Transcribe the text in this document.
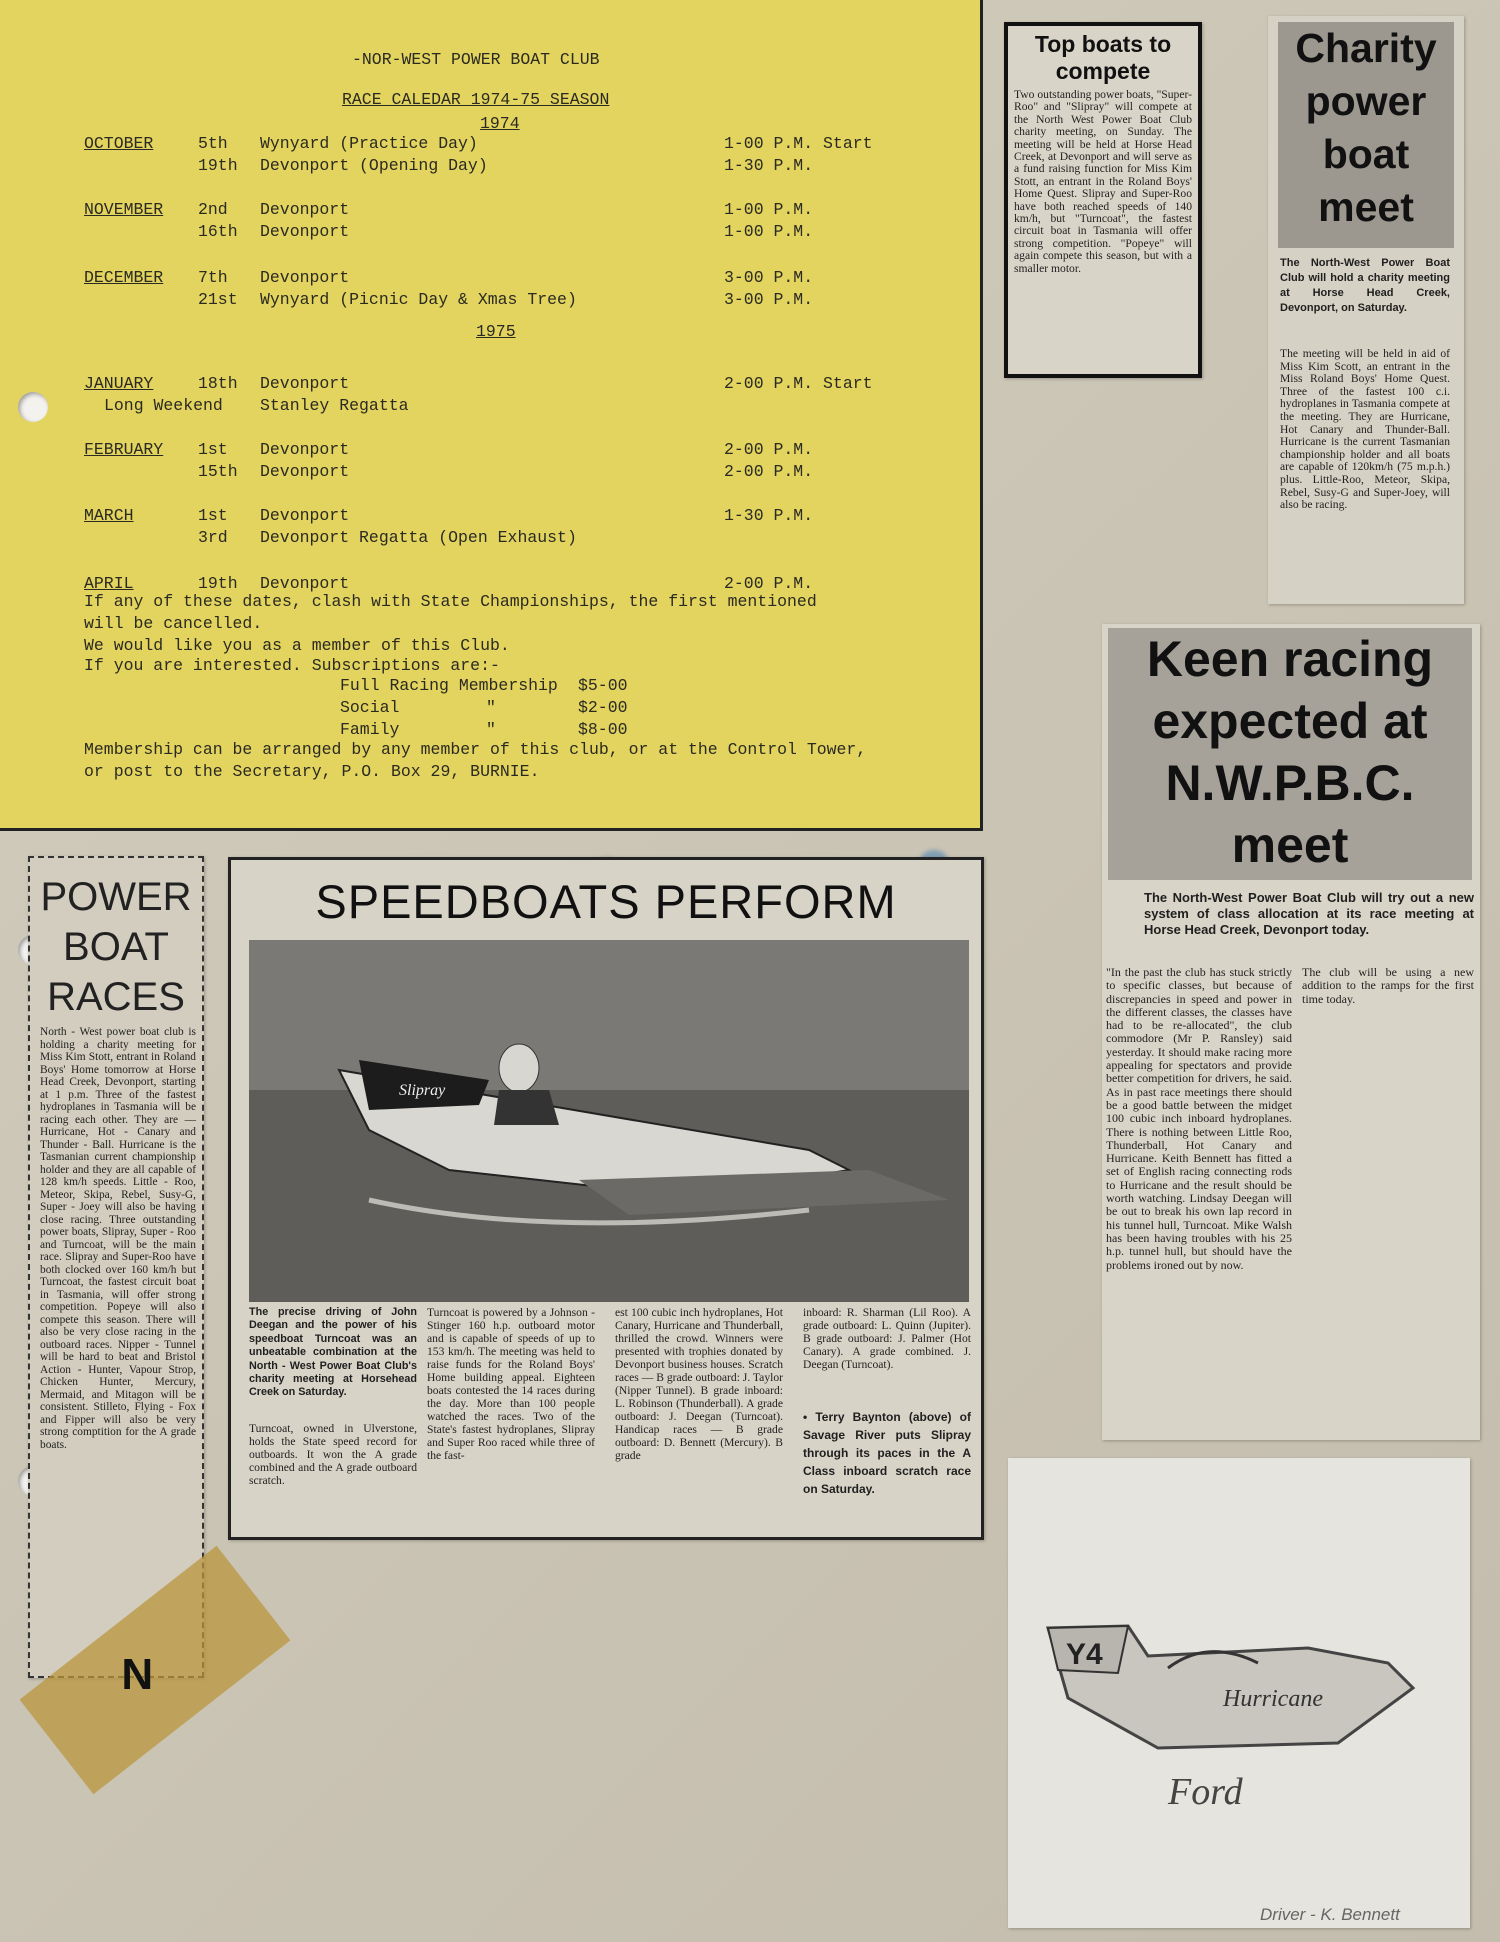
-NOR-WEST POWER BOAT CLUB
RACE CALEDAR 1974-75 SEASON
1974
1975
OCTOBER	5th Wynyard (Practice Day)	1-00 P.M. Start
19th Devonport (Opening Day)	1-30 P.M.
NOVEMBER 2nd Devonport	1-00 P.M.
16th Devonport	1-00 P.M.
DECEMBER 7th Devonport	3-00 P.M.
21st Wynyard (Picnic Day & Xmas Tree)	3-00 P.M.
JANUARY	18th Devonport	2-00 P.M. Start
Long Weekend Stanley Regatta
FEBRUARY 1st Devonport	2-00 P.M.
15th Devonport	2-00 P.M.
MARCH	1st Devonport	1-30 P.M.
3rd Devonport Regatta (Open Exhaust)
APRIL	19th Devonport	2-00 P.M.
If any of these dates, clash with State Championships, the first mentioned
will be cancelled.
We would like you as a member of this Club.
If you are interested. Subscriptions are:-
Full Racing Membership $5-00
Social	"	$2-00
Family	"	$8-00
Membership can be arranged by any member of this club, or at the Control Tower,
or post to the Secretary, P.O. Box 29, BURNIE.
Top boats to compete

Two outstanding power boats, "Super-Roo" and "Slipray" will compete at the North West Power Boat Club charity meeting, on Sunday. The meeting will be held at Horse Head Creek, at Devonport and will serve as a fund raising function for Miss Kim Stott, an entrant in the Roland Boys' Home Quest. Slipray and Super-Roo have both reached speeds of 140 km/h, but "Turncoat", the fastest circuit boat in Tasmania will offer strong competition. "Popeye" will again compete this season, but with a smaller motor.

Charity power boat meet

The North-West Power Boat Club will hold a charity meeting at Horse Head Creek, Devonport, on Saturday.

The meeting will be held in aid of Miss Kim Scott, an entrant in the Miss Roland Boys' Home Quest. Three of the fastest 100 c.i. hydroplanes in Tasmania compete at the meeting. They are Hurricane, Hot Canary and Thunder-Ball. Hurricane is the current Tasmanian championship holder and all boats are capable of 120km/h (75 m.p.h.) plus. Little-Roo, Meteor, Skipa, Rebel, Susy-G and Super-Joey, will also be racing.

Keen racing expected at N.W.P.B.C. meet

The North-West Power Boat Club will try out a new system of class allocation at its race meeting at Horse Head Creek, Devonport today.

"In the past the club has stuck strictly to specific classes, but because of discrepancies in speed and power in the different classes, the classes have had to be re-allocated", the club commodore (Mr P. Ransley) said yesterday. It should make racing more appealing for spectators and provide better competition for drivers, he said. As in past race meetings there should be a good battle between the midget 100 cubic inch inboard hydroplanes. There is nothing between Little Roo, Thunderball, Hot Canary and Hurricane. Keith Bennett has fitted a set of English racing connecting rods to Hurricane and the result should be worth watching. Lindsay Deegan will be out to break his own lap record in his tunnel hull, Turncoat. Mike Walsh has been having troubles with his 25 h.p. tunnel hull, but should have the problems ironed out by now.

The club will be using a new addition to the ramps for the first time today.

POWER BOAT RACES

North - West power boat club is holding a charity meeting for Miss Kim Stott, entrant in Roland Boys' Home tomorrow at Horse Head Creek, Devonport, starting at 1 p.m. Three of the fastest hydroplanes in Tasmania will be racing each other. They are — Hurricane, Hot - Canary and Thunder - Ball. Hurricane is the Tasmanian current championship holder and they are all capable of 128 km/h speeds. Little - Roo, Meteor, Skipa, Rebel, Susy-G, Super - Joey will also be having close racing. Three outstanding power boats, Slipray, Super - Roo and Turncoat, will be the main race. Slipray and Super-Roo have both clocked over 160 km/h but Turncoat, the fastest circuit boat in Tasmania, will offer strong competition. Popeye will also compete this season. There will also be very close racing in the outboard races. Nipper - Tunnel will be hard to beat and Bristol Action - Hunter, Vapour Strop, Chicken Hunter, Mercury, Mermaid, and Mitagon will be consistent. Stilleto, Flying - Fox and Fipper will also be very strong comptition for the A grade boats.

SPEEDBOATS PERFORM
Slipray

The precise driving of John Deegan and the power of his speedboat Turncoat was an unbeatable combination at the North - West Power Boat Club's charity meeting at Horsehead Creek on Saturday.

Turncoat, owned in Ulverstone, holds the State speed record for outboards. It won the A grade combined and the A grade outboard scratch.

Turncoat is powered by a Johnson - Stinger 160 h.p. outboard motor and is capable of speeds of up to 153 km/h. The meeting was held to raise funds for the Roland Boys' Home building appeal. Eighteen boats contested the 14 races during the day. More than 100 people watched the races. Two of the State's fastest hydroplanes, Slipray and Super Roo raced while three of the fast-

est 100 cubic inch hydroplanes, Hot Canary, Hurricane and Thunderball, thrilled the crowd. Winners were presented with trophies donated by Devonport business houses. Scratch races — B grade outboard: J. Taylor (Nipper Tunnel). B grade inboard: L. Robinson (Thunderball). A grade outboard: J. Deegan (Turncoat). Handicap races — B grade outboard: D. Bennett (Mercury). B grade

inboard: R. Sharman (Lil Roo). A grade outboard: L. Quinn (Jupiter). B grade outboard: J. Palmer (Hot Canary). A grade combined. J. Deegan (Turncoat).

• Terry Baynton (above) of Savage River puts Slipray through its paces in the A Class inboard scratch race on Saturday.

Y4
Hurricane
Ford
Driver - K. Bennett
N
